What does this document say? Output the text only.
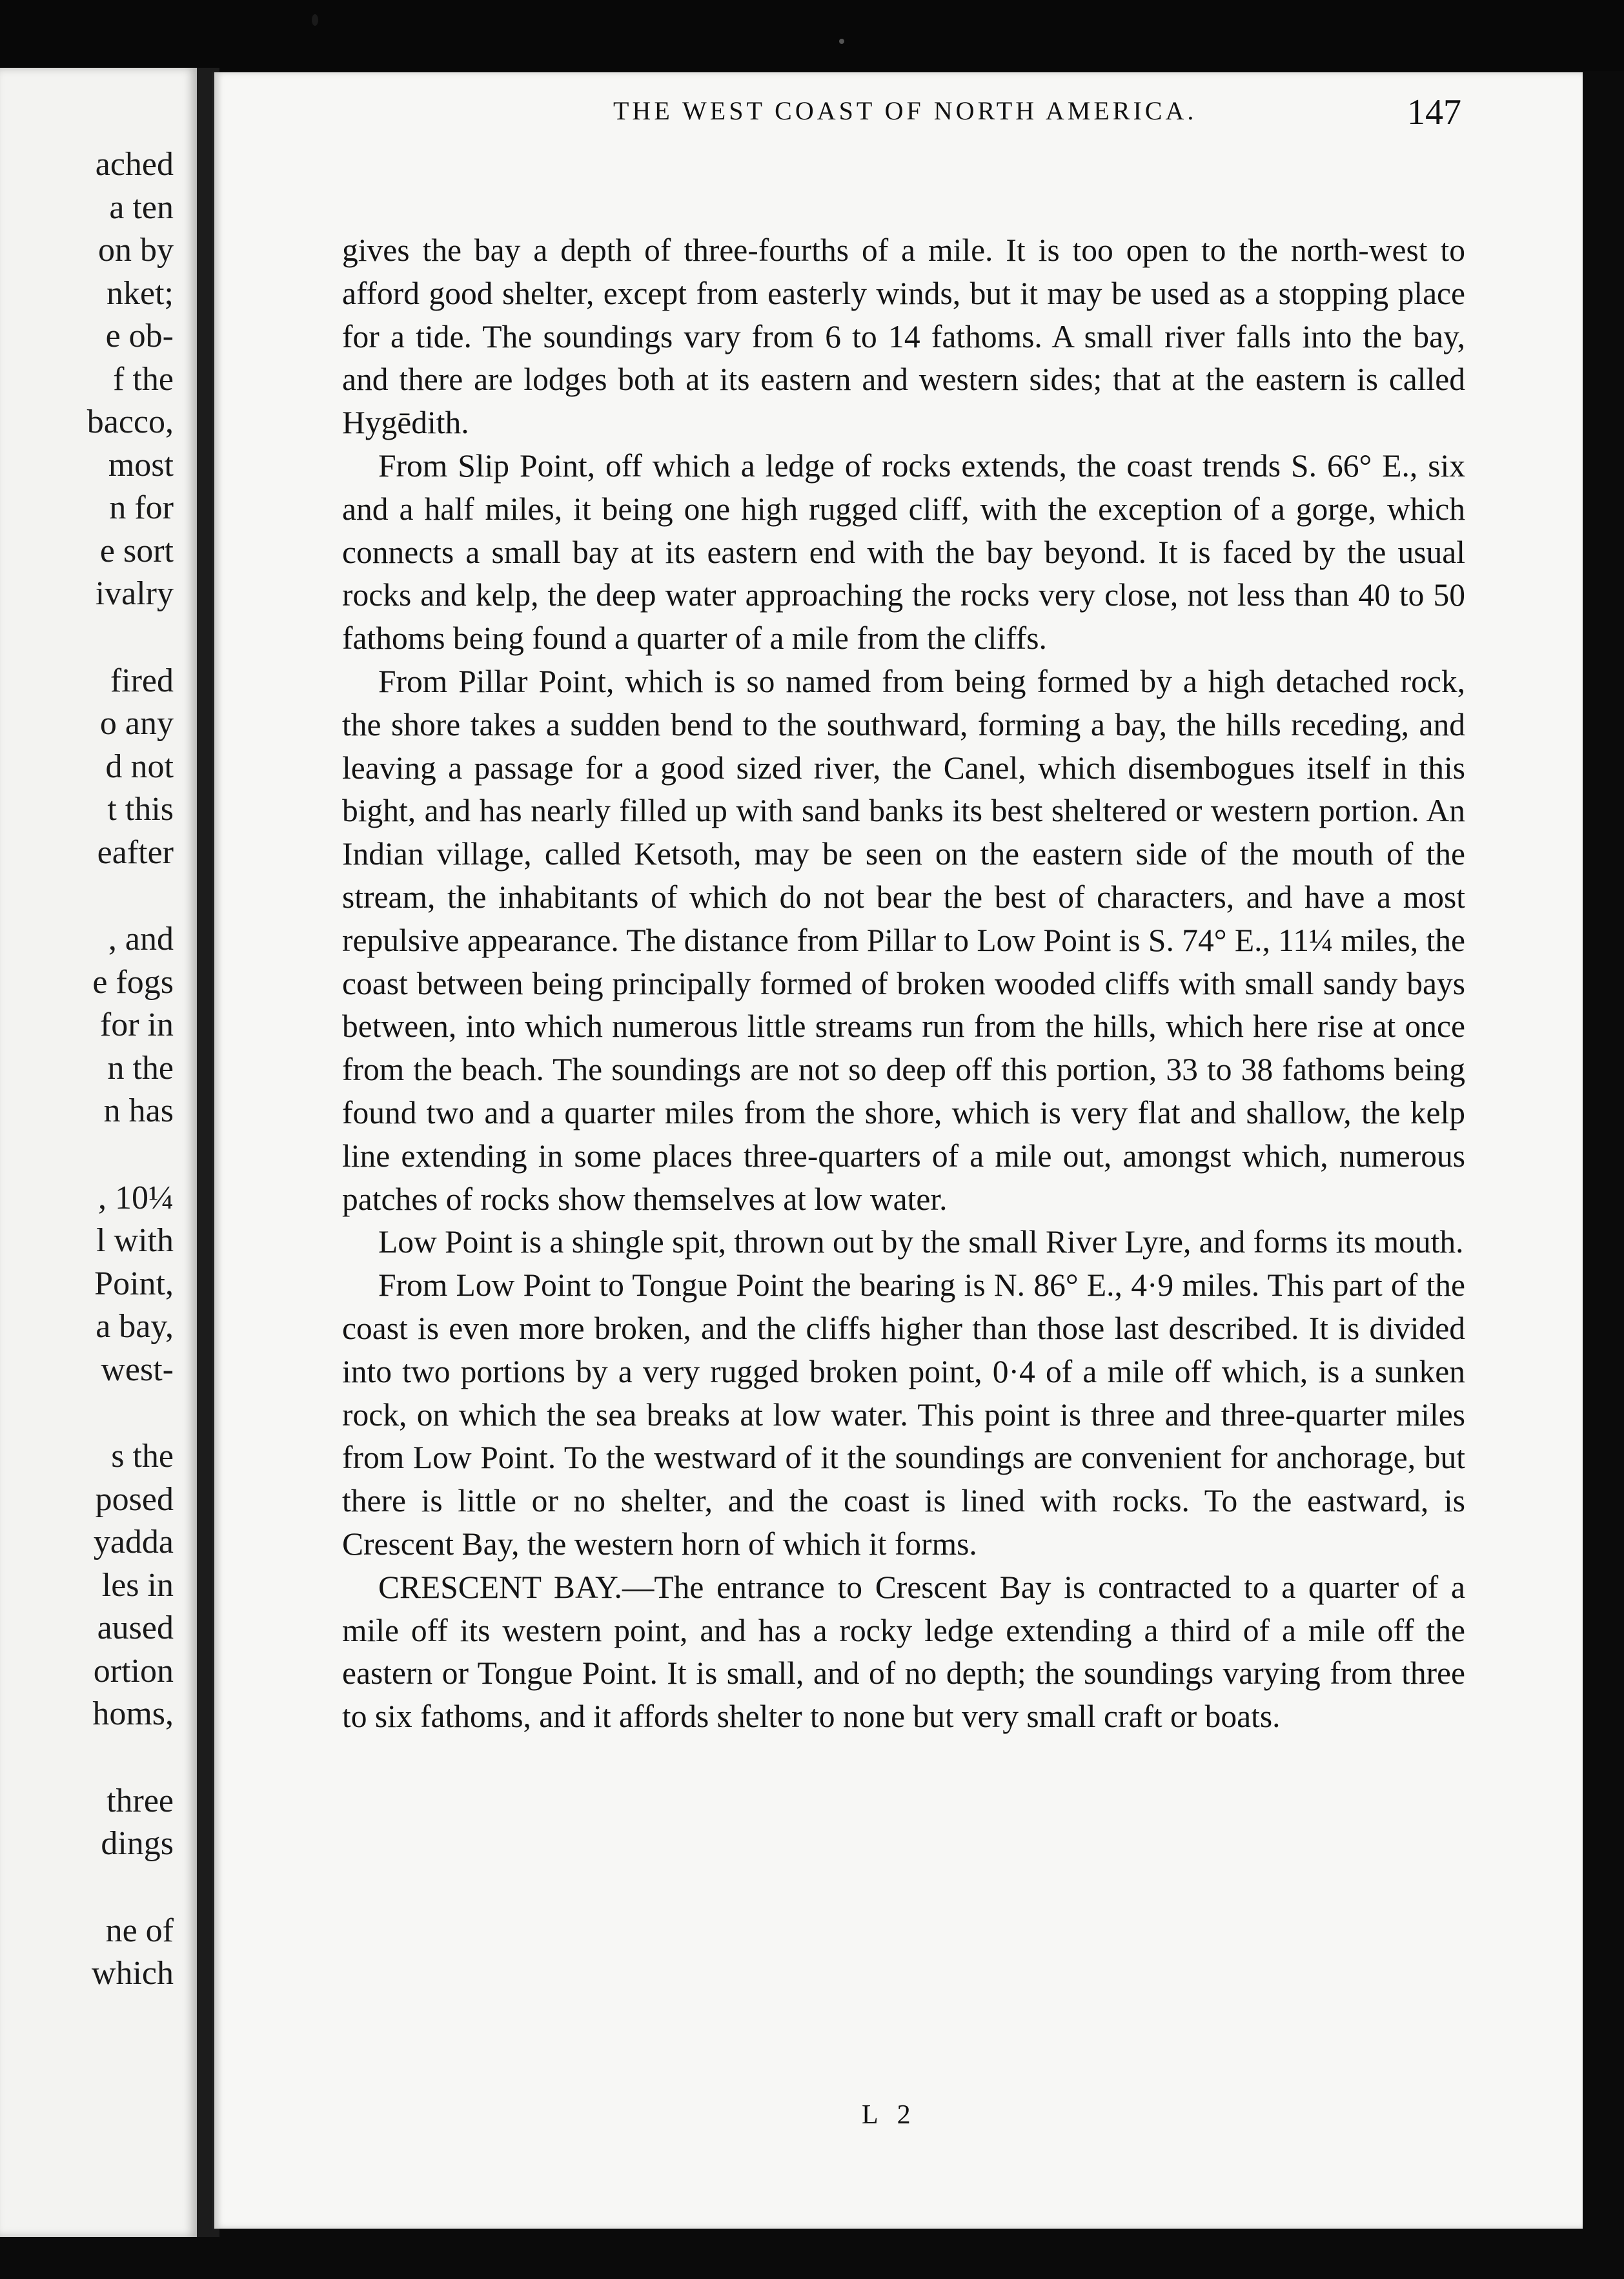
ached
a ten
on by
nket;
e ob-
f the
bacco,
most
n for
e sort
ivalry
fired
o any
d not
t this
eafter
, and
e fogs
for in
n the
n has
, 10¼
l with
Point,
a bay,
west-
s the
posed
yadda
les in
aused
ortion
homs,
three
dings
ne of
which
THE WEST COAST OF NORTH AMERICA.	147

gives the bay a depth of three-fourths of a mile. It is too open to the north-west to afford good shelter, except from easterly winds, but it may be used as a stopping place for a tide. The soundings vary from 6 to 14 fathoms. A small river falls into the bay, and there are lodges both at its eastern and western sides; that at the eastern is called Hygēdith.

From Slip Point, off which a ledge of rocks extends, the coast trends S. 66° E., six and a half miles, it being one high rugged cliff, with the exception of a gorge, which connects a small bay at its eastern end with the bay beyond. It is faced by the usual rocks and kelp, the deep water approaching the rocks very close, not less than 40 to 50 fathoms being found a quarter of a mile from the cliffs.

From Pillar Point, which is so named from being formed by a high detached rock, the shore takes a sudden bend to the southward, forming a bay, the hills receding, and leaving a passage for a good sized river, the Canel, which disembogues itself in this bight, and has nearly filled up with sand banks its best sheltered or western portion. An Indian village, called Ketsoth, may be seen on the eastern side of the mouth of the stream, the inhabitants of which do not bear the best of characters, and have a most repulsive appearance. The distance from Pillar to Low Point is S. 74° E., 11¼ miles, the coast between being principally formed of broken wooded cliffs with small sandy bays between, into which numerous little streams run from the hills, which here rise at once from the beach. The soundings are not so deep off this portion, 33 to 38 fathoms being found two and a quarter miles from the shore, which is very flat and shallow, the kelp line extending in some places three-quarters of a mile out, amongst which, numerous patches of rocks show themselves at low water.

Low Point is a shingle spit, thrown out by the small River Lyre, and forms its mouth.

From Low Point to Tongue Point the bearing is N. 86° E., 4·9 miles. This part of the coast is even more broken, and the cliffs higher than those last described. It is divided into two portions by a very rugged broken point, 0·4 of a mile off which, is a sunken rock, on which the sea breaks at low water. This point is three and three-quarter miles from Low Point. To the westward of it the soundings are convenient for anchorage, but there is little or no shelter, and the coast is lined with rocks. To the eastward, is Crescent Bay, the western horn of which it forms.

CRESCENT BAY.—The entrance to Crescent Bay is contracted to a quarter of a mile off its western point, and has a rocky ledge extending a third of a mile off the eastern or Tongue Point. It is small, and of no depth; the soundings varying from three to six fathoms, and it affords shelter to none but very small craft or boats.

L 2
